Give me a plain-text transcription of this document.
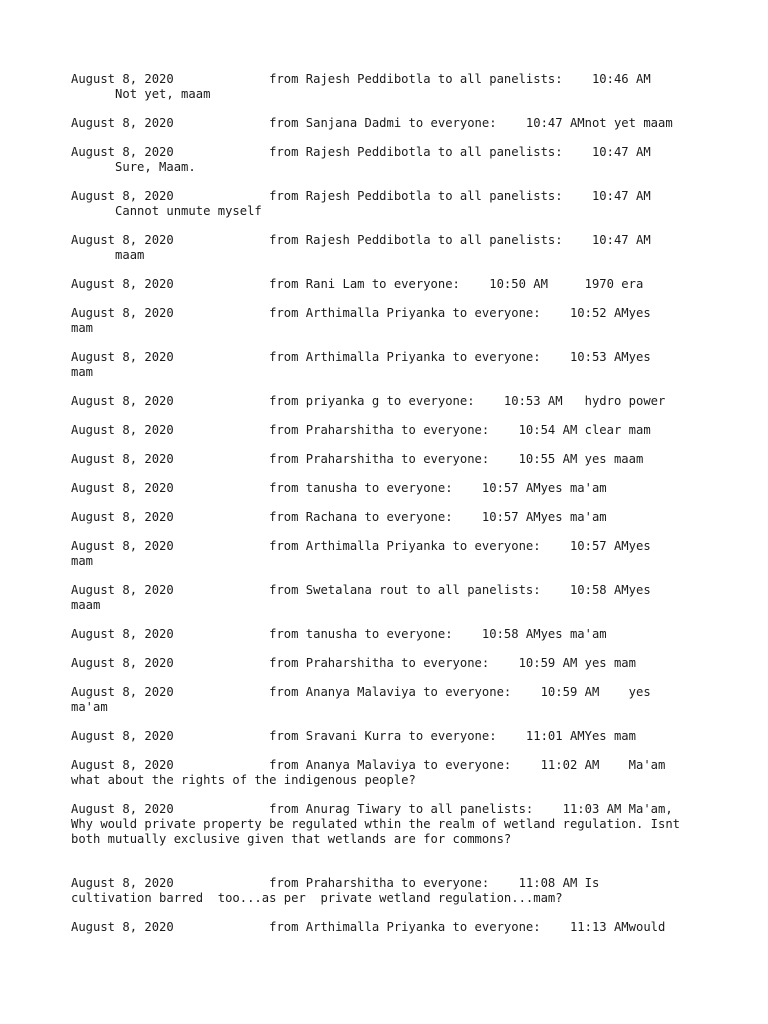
August 8, 2020             from Rajesh Peddibotla to all panelists:    10:46 AM
Not yet, maam
August 8, 2020             from Sanjana Dadmi to everyone:    10:47 AMnot yet maam
August 8, 2020             from Rajesh Peddibotla to all panelists:    10:47 AM
Sure, Maam.
August 8, 2020             from Rajesh Peddibotla to all panelists:    10:47 AM
Cannot unmute myself
August 8, 2020             from Rajesh Peddibotla to all panelists:    10:47 AM
maam
August 8, 2020             from Rani Lam to everyone:    10:50 AM     1970 era
August 8, 2020             from Arthimalla Priyanka to everyone:    10:52 AMyes
mam
August 8, 2020             from Arthimalla Priyanka to everyone:    10:53 AMyes
mam
August 8, 2020             from priyanka g to everyone:    10:53 AM   hydro power
August 8, 2020             from Praharshitha to everyone:    10:54 AM clear mam
August 8, 2020             from Praharshitha to everyone:    10:55 AM yes maam
August 8, 2020             from tanusha to everyone:    10:57 AMyes ma'am
August 8, 2020             from Rachana to everyone:    10:57 AMyes ma'am
August 8, 2020             from Arthimalla Priyanka to everyone:    10:57 AMyes
mam
August 8, 2020             from Swetalana rout to all panelists:    10:58 AMyes
maam
August 8, 2020             from tanusha to everyone:    10:58 AMyes ma'am
August 8, 2020             from Praharshitha to everyone:    10:59 AM yes mam
August 8, 2020             from Ananya Malaviya to everyone:    10:59 AM    yes
ma'am
August 8, 2020             from Sravani Kurra to everyone:    11:01 AMYes mam
August 8, 2020             from Ananya Malaviya to everyone:    11:02 AM    Ma'am
what about the rights of the indigenous people?
August 8, 2020             from Anurag Tiwary to all panelists:    11:03 AM Ma'am,
Why would private property be regulated wthin the realm of wetland regulation. Isnt
both mutually exclusive given that wetlands are for commons?
August 8, 2020             from Praharshitha to everyone:    11:08 AM Is
cultivation barred  too...as per  private wetland regulation...mam?
August 8, 2020             from Arthimalla Priyanka to everyone:    11:13 AMwould
